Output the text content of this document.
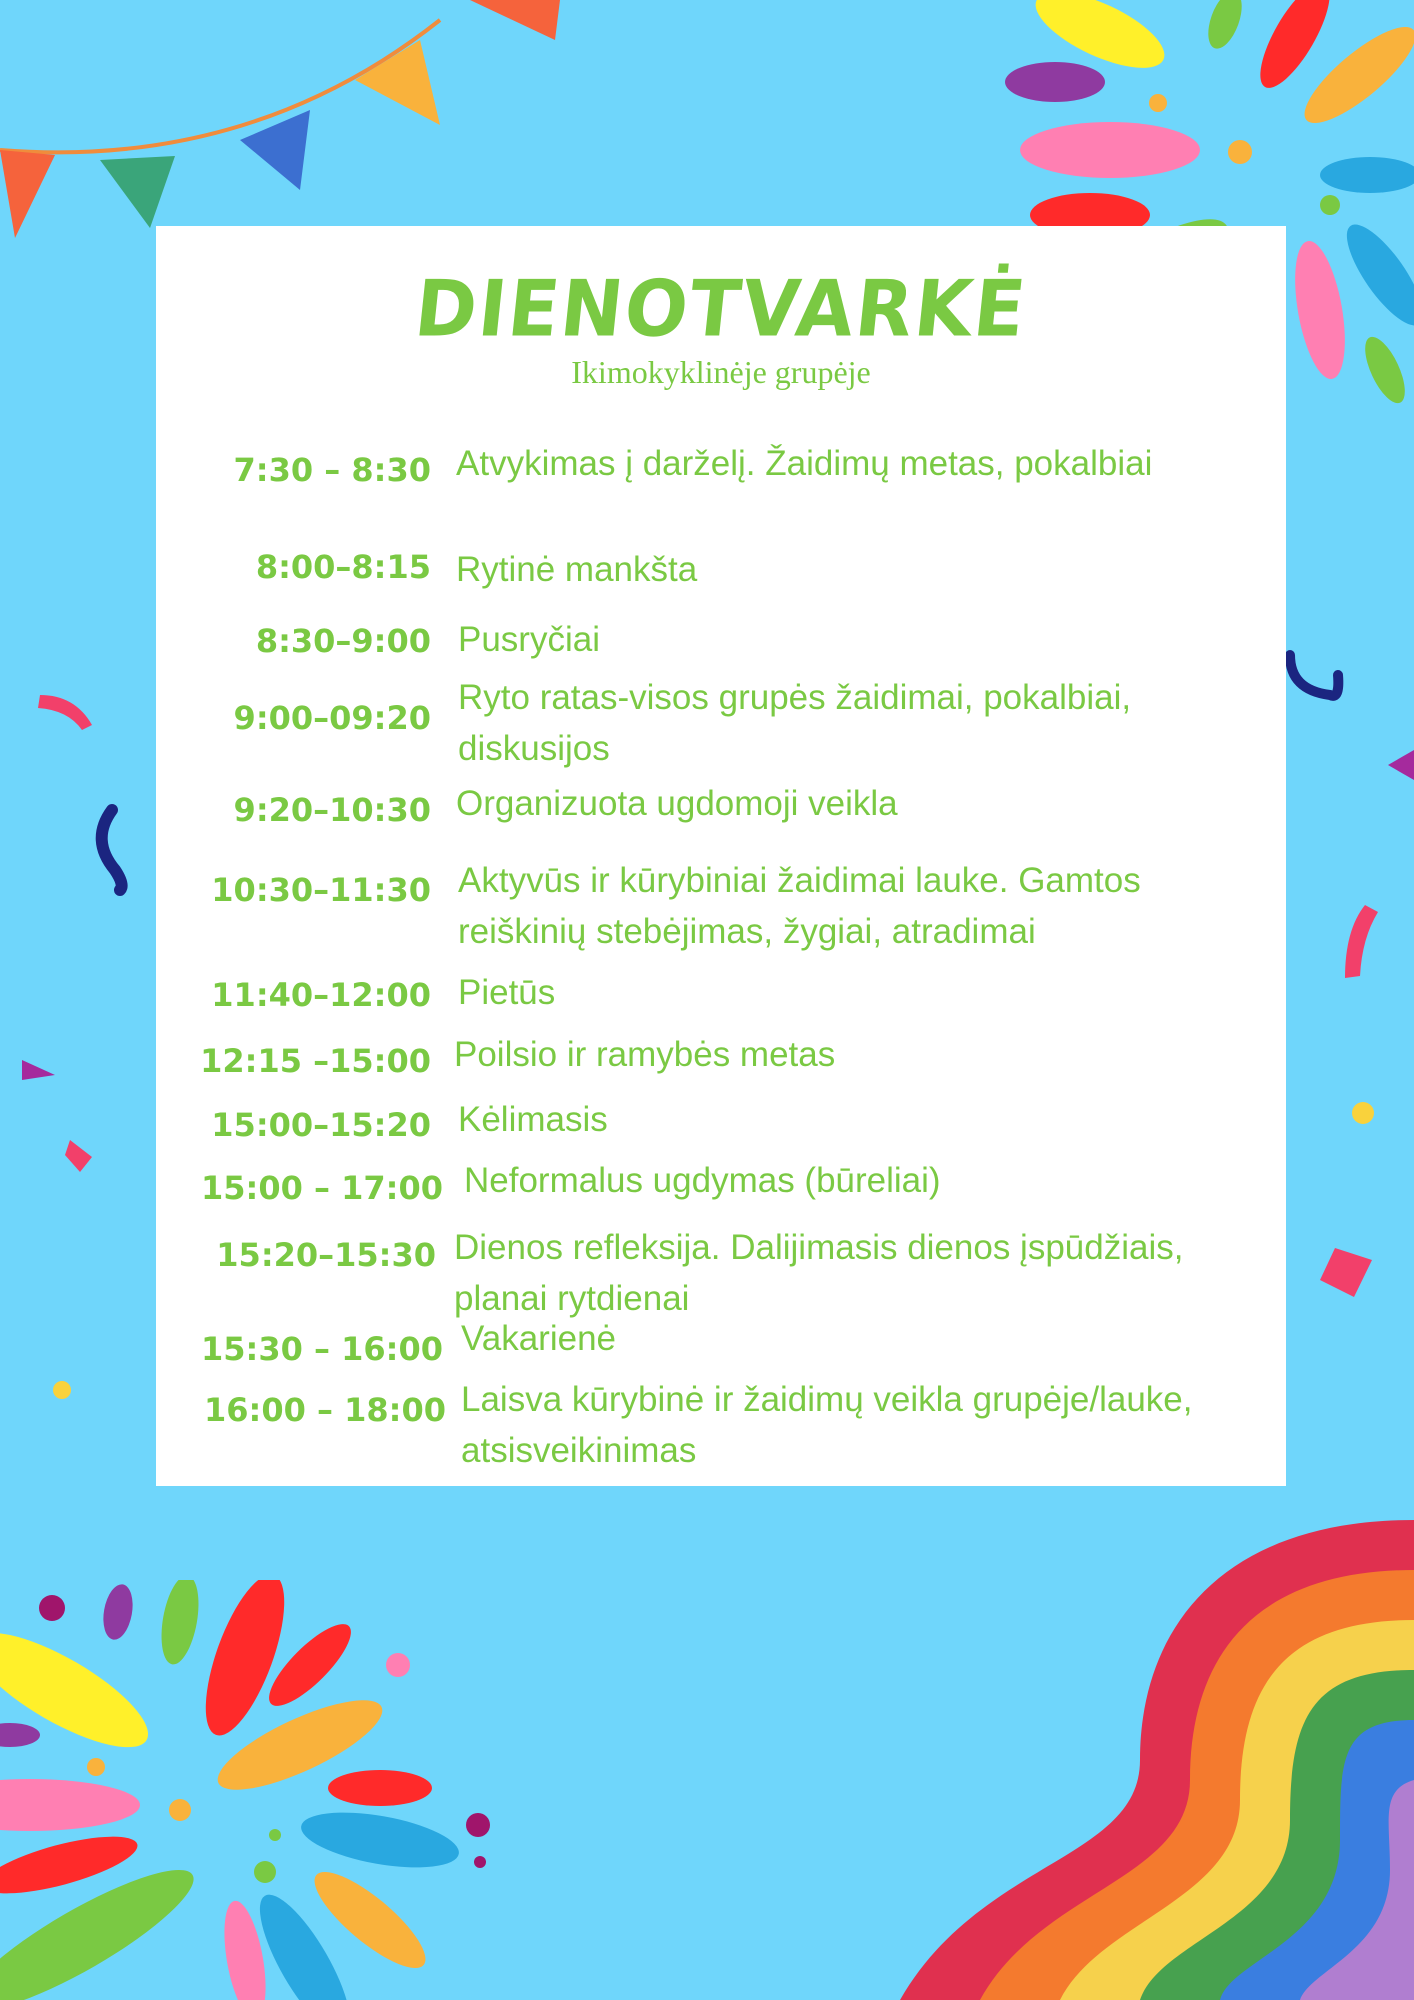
DIENOTVARKĖ

Ikimokyklinėje grupėje

7:30 – 8:30 Atvykimas į darželį. Žaidimų metas, pokalbiai
8:00–8:15 Rytinė mankšta
8:30–9:00 Pusryčiai
9:00–09:20
Ryto ratas-visos grupės žaidimai, pokalbiai, diskusijos
9:20–10:30 Organizuota ugdomoji veikla
10:30–11:30 Aktyvūs ir kūrybiniai žaidimai lauke. Gamtos reiškinių stebėjimas, žygiai, atradimai
11:40–12:00 Pietūs
12:15 –15:00 Poilsio ir ramybės metas
15:00–15:20 Kėlimasis
15:00 – 17:00 Neformalus ugdymas (būreliai)
15:20–15:30 Dienos refleksija. Dalijimasis dienos įspūdžiais, planai rytdienai
15:30 – 16:00 Vakarienė
16:00 – 18:00 Laisva kūrybinė ir žaidimų veikla grupėje/lauke, atsisveikinimas
